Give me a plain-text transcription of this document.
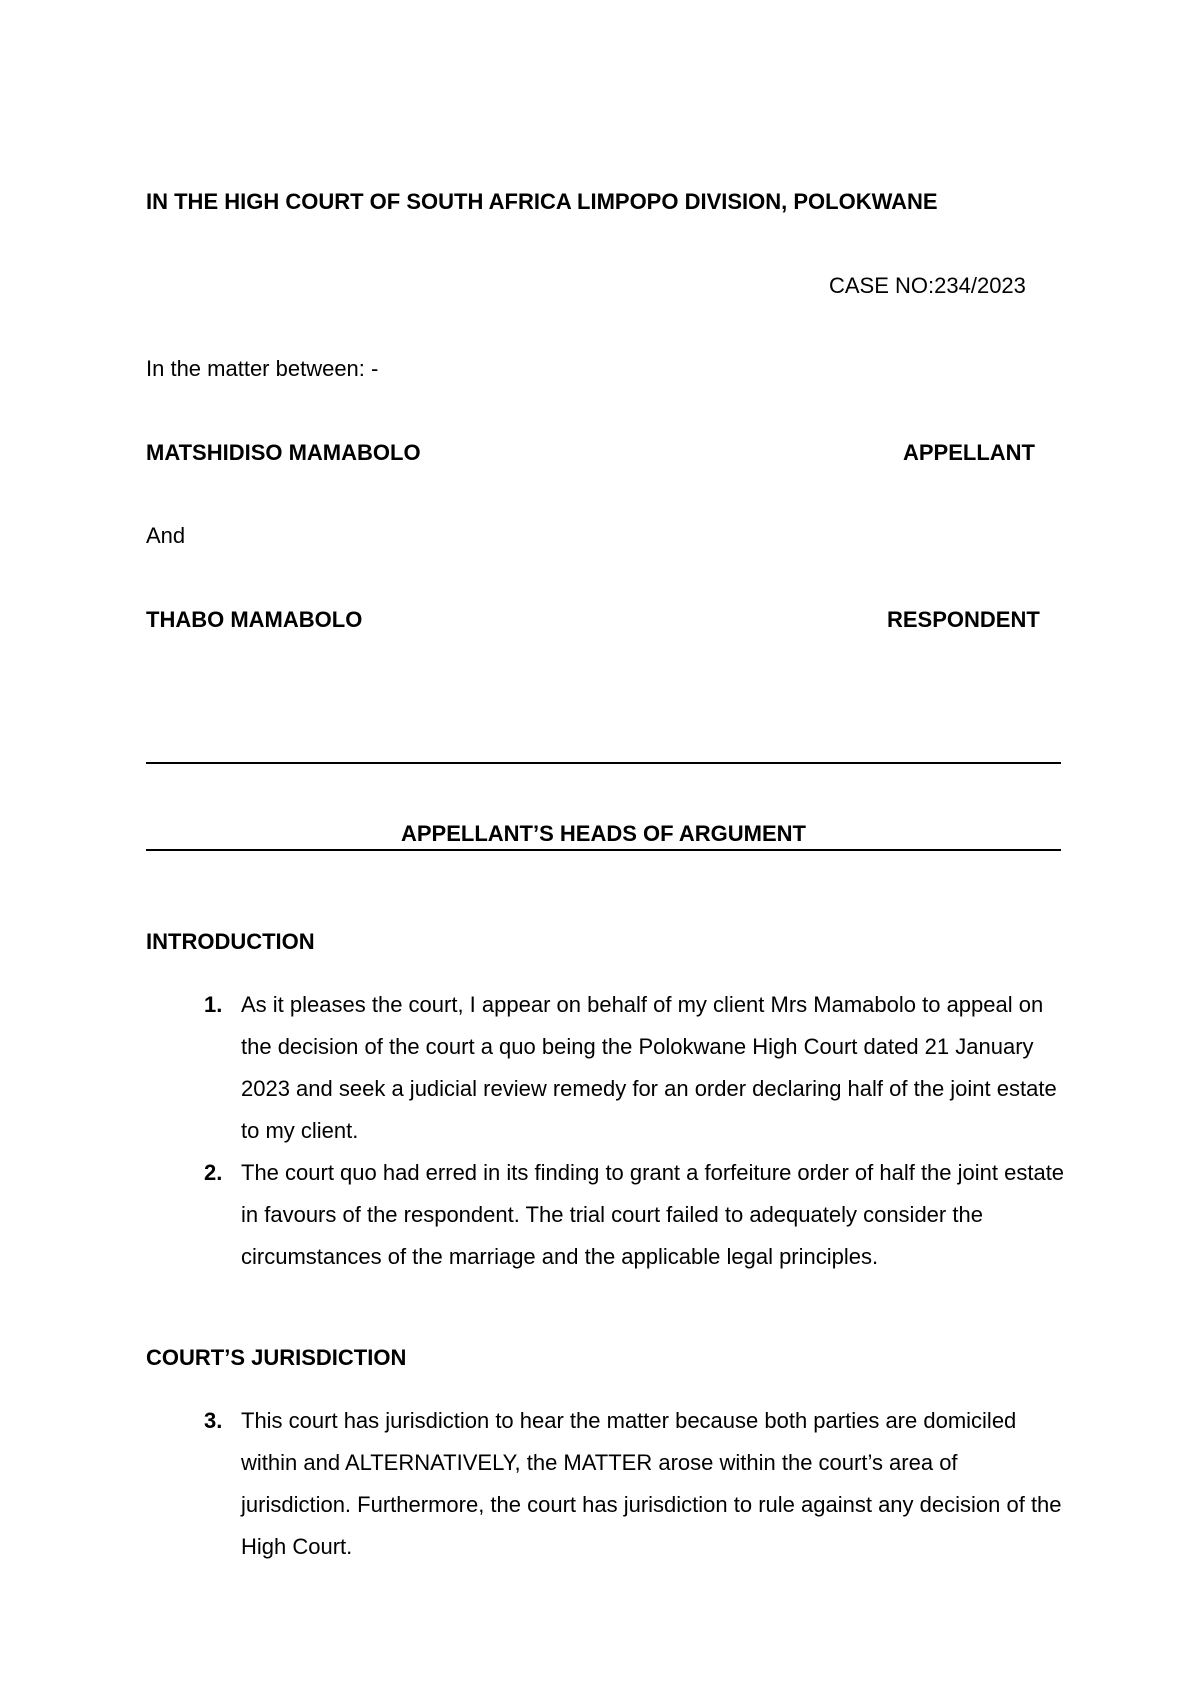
IN THE HIGH COURT OF SOUTH AFRICA LIMPOPO DIVISION, POLOKWANE
CASE NO:234/2023
In the matter between: -
MATSHIDISO MAMABOLO	APPELLANT
And
THABO MAMABOLO	RESPONDENT
APPELLANT’S HEADS OF ARGUMENT
INTRODUCTION
1. As it pleases the court, I appear on behalf of my client Mrs Mamabolo to appeal on the decision of the court a quo being the Polokwane High Court dated 21 January 2023 and seek a judicial review remedy for an order declaring half of the joint estate to my client.
2. The court quo had erred in its finding to grant a forfeiture order of half the joint estate in favours of the respondent. The trial court failed to adequately consider the circumstances of the marriage and the applicable legal principles.
COURT’S JURISDICTION
3. This court has jurisdiction to hear the matter because both parties are domiciled within and ALTERNATIVELY, the MATTER arose within the court’s area of jurisdiction. Furthermore, the court has jurisdiction to rule against any decision of the High Court.
